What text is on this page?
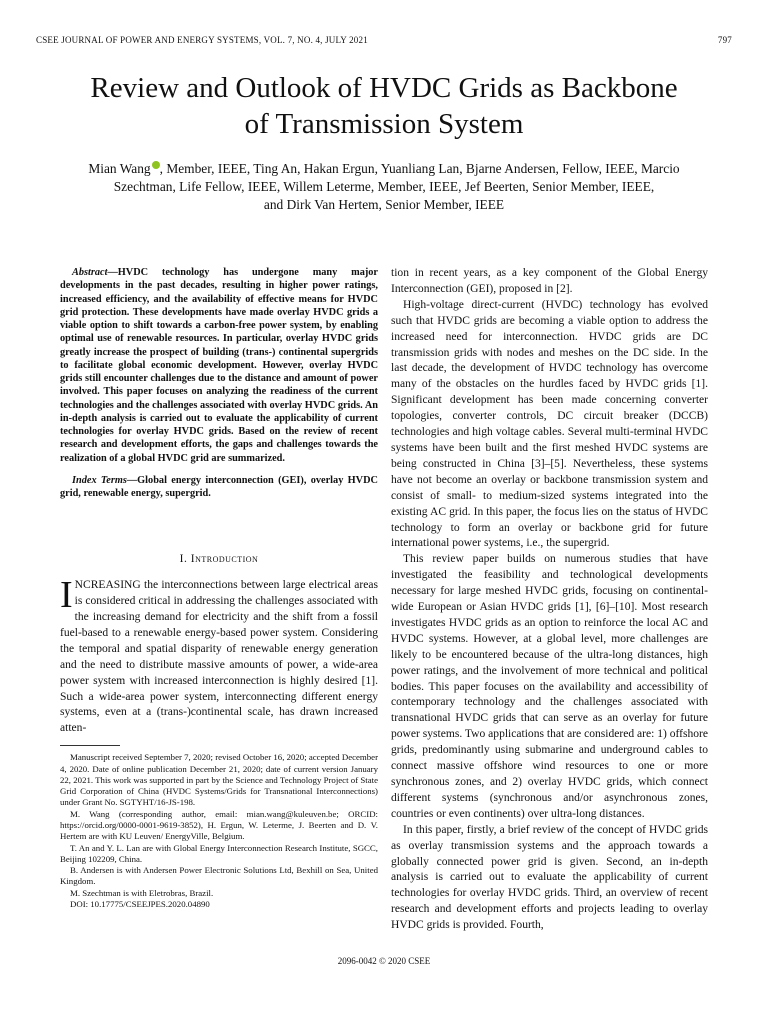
CSEE JOURNAL OF POWER AND ENERGY SYSTEMS, VOL. 7, NO. 4, JULY 2021	797
Review and Outlook of HVDC Grids as Backbone
of Transmission System
Mian Wang , Member, IEEE, Ting An, Hakan Ergun, Yuanliang Lan, Bjarne Andersen, Fellow, IEEE, Marcio
Szechtman, Life Fellow, IEEE, Willem Leterme, Member, IEEE, Jef Beerten, Senior Member, IEEE,
and Dirk Van Hertem, Senior Member, IEEE

Abstract—HVDC technology has undergone many major developments in the past decades, resulting in higher power ratings, increased efficiency, and the availability of effective means for HVDC grid protection. These developments have made overlay HVDC grids a viable option to shift towards a carbon-free power system, by enabling optimal use of renewable resources. In particular, overlay HVDC grids greatly increase the prospect of building (trans-) continental supergrids to facilitate global economic development. However, overlay HVDC grids still encounter challenges due to the distance and amount of power involved. This paper focuses on analyzing the readiness of the current technologies and the challenges associated with overlay HVDC grids. An in-depth analysis is carried out to evaluate the applicability of current technologies for overlay HVDC grids. Based on the review of recent research and development efforts, the gaps and challenges towards the realization of a global HVDC grid are summarized.

Index Terms—Global energy interconnection (GEI), overlay HVDC grid, renewable energy, supergrid.

I. Introduction

INCREASING the interconnections between large electrical areas is considered critical in addressing the challenges associated with the increasing demand for electricity and the shift from a fossil fuel-based to a renewable energy-based power system. Considering the temporal and spatial disparity of renewable energy generation and the need to distribute massive amounts of power, a wide-area power system with increased interconnection is highly desired [1]. Such a wide-area power system, interconnecting different energy systems, even at a (trans-)continental scale, has drawn increased atten-

Manuscript received September 7, 2020; revised October 16, 2020; accepted December 4, 2020. Date of online publication December 21, 2020; date of current version January 22, 2021. This work was supported in part by the Science and Technology Project of State Grid Corporation of China (HVDC Systems/Grids for Transnational Interconnections) under Grant No. SGTYHT/16-JS-198.

M. Wang (corresponding author, email: mian.wang@kuleuven.be; ORCID: https://orcid.org/0000-0001-9619-3852), H. Ergun, W. Leterme, J. Beerten and D. V. Hertem are with KU Leuven/ EnergyVille, Belgium.

T. An and Y. L. Lan are with Global Energy Interconnection Research Institute, SGCC, Beijing 102209, China.

B. Andersen is with Andersen Power Electronic Solutions Ltd, Bexhill on Sea, United Kingdom.

M. Szechtman is with Eletrobras, Brazil.

DOI: 10.17775/CSEEJPES.2020.04890

tion in recent years, as a key component of the Global Energy Interconnection (GEI), proposed in [2].

High-voltage direct-current (HVDC) technology has evolved such that HVDC grids are becoming a viable option to address the increased need for interconnection. HVDC grids are DC transmission grids with nodes and meshes on the DC side. In the last decade, the development of HVDC technology has overcome many of the obstacles on the hurdles faced by HVDC grids [1]. Significant development has been made concerning converter topologies, converter controls, DC circuit breaker (DCCB) technologies and high voltage cables. Several multi-terminal HVDC systems have been built and the first meshed HVDC systems are being constructed in China [3]–[5]. Nevertheless, these systems have not become an overlay or backbone transmission system and consist of small- to medium-sized systems integrated into the existing AC grid. In this paper, the focus lies on the status of HVDC technology to form an overlay or backbone grid for future international power systems, i.e., the supergrid.

This review paper builds on numerous studies that have investigated the feasibility and technological developments necessary for large meshed HVDC grids, focusing on continental-wide European or Asian HVDC grids [1], [6]–[10]. Most research investigates HVDC grids as an option to reinforce the local AC and HVDC systems. However, at a global level, more challenges are likely to be encountered because of the ultra-long distances, high power ratings, and the involvement of more technical and political bodies. This paper focuses on the availability and accessibility of contemporary technology and the challenges associated with transnational HVDC grids that can serve as an overlay for future power systems. Two applications that are considered are: 1) offshore grids, predominantly using submarine and underground cables to connect massive offshore wind resources to one or more synchronous zones, and 2) overlay HVDC grids, which connect different systems (synchronous and/or asynchronous zones, countries or even continents) over ultra-long distances.

In this paper, firstly, a brief review of the concept of HVDC grids as overlay transmission systems and the approach towards a globally connected power grid is given. Second, an in-depth analysis is carried out to evaluate the applicability of current technologies for overlay HVDC grids. Third, an overview of recent research and development efforts and projects leading to overlay HVDC grids is provided. Fourth,

2096-0042 © 2020 CSEE
